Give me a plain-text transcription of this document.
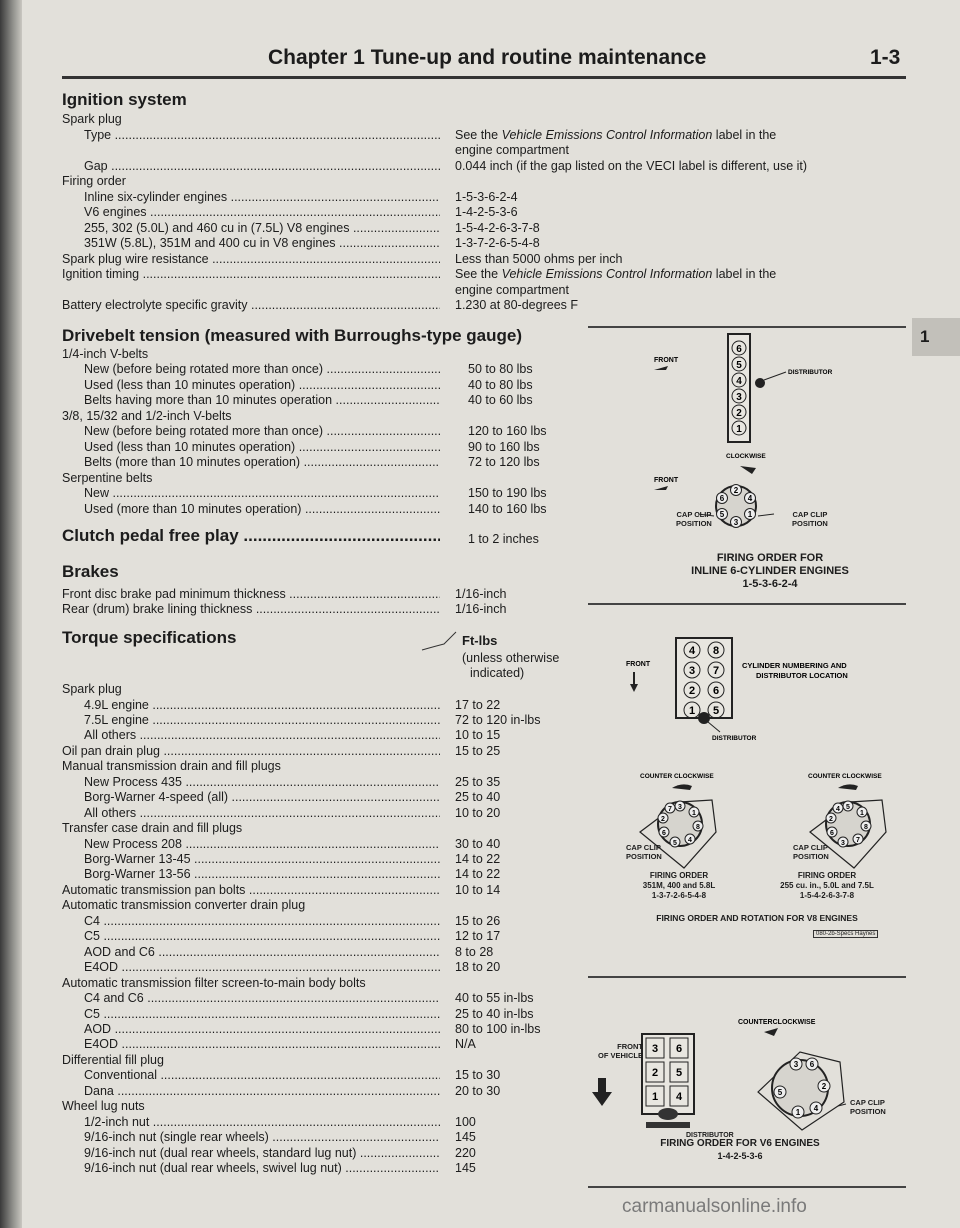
Chapter 1 Tune-up and routine maintenance	1-3
1
Ignition system
Spark plug
Type .....	See the Vehicle Emissions Control Information label in the
engine compartment
Gap .....	0.044 inch (if the gap listed on the VECI label is different, use it)
Firing order
Inline six-cylinder engines .....	1-5-3-6-2-4
V6 engines .....	1-4-2-5-3-6
255, 302 (5.0L) and 460 cu in (7.5L) V8 engines .....	1-5-4-2-6-3-7-8
351W (5.8L), 351M and 400 cu in V8 engines .....	1-3-7-2-6-5-4-8
Spark plug wire resistance .....	Less than 5000 ohms per inch
Ignition timing .....	See the Vehicle Emissions Control Information label in the
engine compartment
Battery electrolyte specific gravity .....	1.230 at 80-degrees F
Drivebelt tension (measured with Burroughs-type gauge)
1/4-inch V-belts
New (before being rotated more than once) .....	50 to 80 lbs
Used (less than 10 minutes operation) .....	40 to 80 lbs
Belts having more than 10 minutes operation .....	40 to 60 lbs
3/8, 15/32 and 1/2-inch V-belts
New (before being rotated more than once) .....	120 to 160 lbs
Used (less than 10 minutes operation) .....	90 to 160 lbs
Belts (more than 10 minutes operation) .....	72 to 120 lbs
Serpentine belts
New .....	150 to 190 lbs
Used (more than 10 minutes operation) .....	140 to 160 lbs
Clutch pedal free play .....	1 to 2 inches
Brakes
Front disc brake pad minimum thickness .....	1/16-inch
Rear (drum) brake lining thickness .....	1/16-inch
Torque specifications	Ft-lbs
(unless otherwise
indicated)
Spark plug
4.9L engine .....	17 to 22
7.5L engine .....	72 to 120 in-lbs
All others .....	10 to 15
Oil pan drain plug .....	15 to 25
Manual transmission drain and fill plugs
New Process 435 .....	25 to 35
Borg-Warner 4-speed (all) .....	25 to 40
All others .....	10 to 20
Transfer case drain and fill plugs
New Process 208 .....	30 to 40
Borg-Warner 13-45 .....	14 to 22
Borg-Warner 13-56 .....	14 to 22
Automatic transmission pan bolts .....	10 to 14
Automatic transmission converter drain plug
C4 .....	15 to 26
C5 .....	12 to 17
AOD and C6 .....	8 to 28
E4OD .....	18 to 20
Automatic transmission filter screen-to-main body bolts
C4 and C6 .....	40 to 55 in-lbs
C5 .....	25 to 40 in-lbs
AOD .....	80 to 100 in-lbs
E4OD .....	N/A
Differential fill plug
Conventional .....	15 to 30
Dana .....	20 to 30
Wheel lug nuts
1/2-inch nut .....	100
9/16-inch nut (single rear wheels) .....	145
9/16-inch nut (dual rear wheels, standard lug nut) .....	220
9/16-inch nut (dual rear wheels, swivel lug nut) .....	145
FRONT
6
5
4
3
2
1
DISTRIBUTOR
CLOCKWISE
FRONT
2
4
1
3
5
6
CAP CLIP
POSITION
CAP CLIP
POSITION
FIRING ORDER FOR
INLINE 6-CYLINDER ENGINES
1-5-3-6-2-4
FRONT
4 8
3 7
2 6
1 5
CYLINDER NUMBERING AND
DISTRIBUTOR LOCATION
DISTRIBUTOR
COUNTER CLOCKWISE	COUNTER CLOCKWISE
3
1
8
4
5
6
2
7	5
1
8
7
3
6
2
4
CAP CLIP
POSITION
CAP CLIP
POSITION
FIRING ORDER
351M, 400 and 5.8L
1-3-7-2-6-5-4-8
FIRING ORDER
255 cu. in., 5.0L and 7.5L
1-5-4-2-6-3-7-8
FIRING ORDER AND ROTATION FOR V8 ENGINES
080-2b-Specs Haynes
COUNTERCLOCKWISE
3 6
2 5
1 4
3 6
2
4
1
5
FRONT
OF VEHICLE
DISTRIBUTOR
CAP CLIP
POSITION
FIRING ORDER FOR V6 ENGINES
1-4-2-5-3-6
carmanualsonline.info
